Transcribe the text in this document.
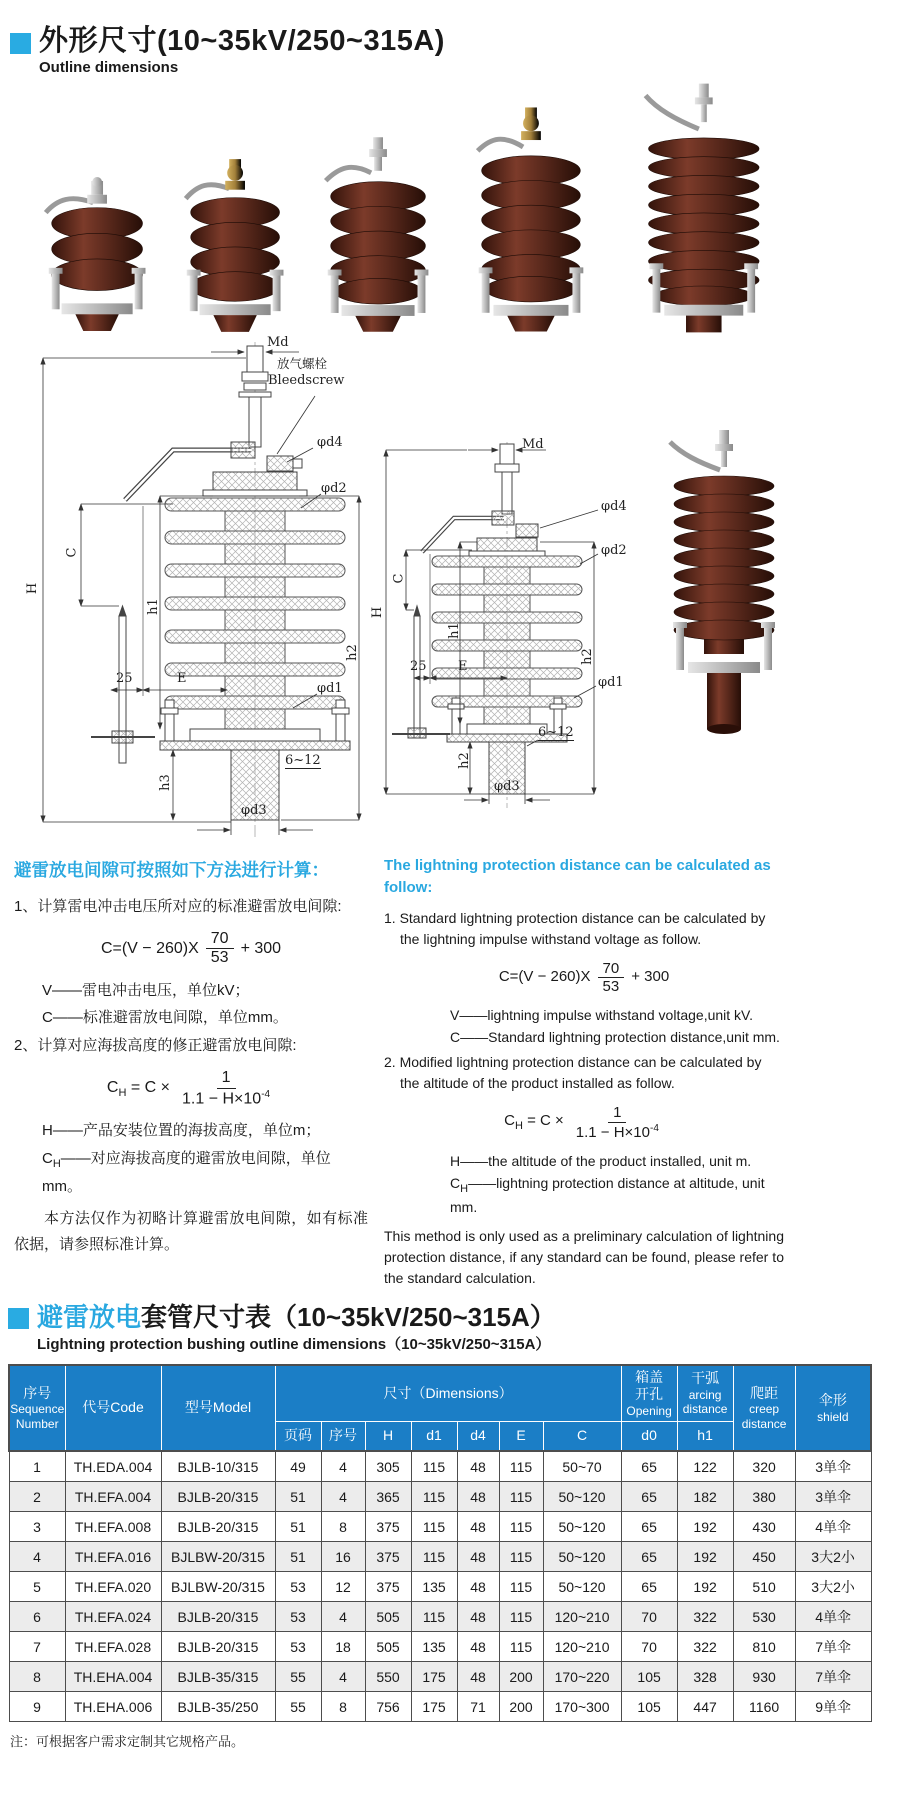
外形尺寸(10~35kV/250~315A)
Outline dimensions
Md
放气螺栓
Bleedscrew
φd4
φd2
φd1
φd3
6~12
25	E
C
H
h1
h2
h3
Md
φd4
φd2
φd1
φd3
6~12
25 E
C
H
h1
h2
h2
避雷放电间隙可按照如下方法进行计算：
1、计算雷电冲击电压所对应的标准避雷放电间隙:
$C=(V - 260)X \frac{70}{53} + 300$
V——雷电冲击电压，单位kV；
C——标准避雷放电间隙，单位mm。
2、计算对应海拔高度的修正避雷放电间隙:
$C_H = C \times \frac{1}{1.1 - H\times 10^{-4}}$
H——产品安装位置的海拔高度，单位m；
$C_H——$对应海拔高度的避雷放电间隙，单位mm。
本方法仅作为初略计算避雷放电间隙，如有标准依据，请参照标准计算。
The lightning protection distance can be calculated as follow:
1. Standard lightning protection distance can be calculated by the lightning impulse withstand voltage as follow.
$C=(V - 260)X \frac{70}{53} + 300$
V——lightning impulse withstand voltage,unit kV.
C——Standard lightning protection distance,unit mm.
2. Modified lightning protection distance can be calculated by the altitude of the product installed as follow.
$C_H = C \times \frac{1}{1.1 - H\times 10^{-4}}$
H——the altitude of the product installed, unit m.
$C_H——lightning$ protection distance at altitude, unit mm.
This method is only used as a preliminary calculation of lightning protection distance, if any standard can be found, please refer to the standard calculation.
避雷放电套管尺寸表（10~35kV/250~315A）
Lightning protection bushing outline dimensions（10~35kV/250~315A）
序号
Sequence
Number
	代号Code	型号Model	尺寸（Dimensions）	
箱盖
开孔
Opening

干弧
arcing
distance

爬距
creep
distance

伞形
shield

			页码	序号	H	d1	d4	E	C	d0	h1		
1	TH.EDA.004	BJLB-10/315	49	4	305	115	48	115	50~70	65	122	320	3单伞
2	TH.EFA.004	BJLB-20/315	51	4	365	115	48	115	50~120	65	182	380	3单伞
3	TH.EFA.008	BJLB-20/315	51	8	375	115	48	115	50~120	65	192	430	4单伞
4	TH.EFA.016	BJLBW-20/315	51	16	375	115	48	115	50~120	65	192	450	3大2小
5	TH.EFA.020	BJLBW-20/315	53	12	375	135	48	115	50~120	65	192	510	3大2小
6	TH.EFA.024	BJLB-20/315	53	4	505	115	48	115	120~210	70	322	530	4单伞
7	TH.EFA.028	BJLB-20/315	53	18	505	135	48	115	120~210	70	322	810	7单伞
8	TH.EHA.004	BJLB-35/315	55	4	550	175	48	200	170~220	105	328	930	7单伞
9	TH.EHA.006	BJLB-35/250	55	8	756	175	71	200	170~300	105	447	1160	9单伞
注：可根据客户需求定制其它规格产品。
